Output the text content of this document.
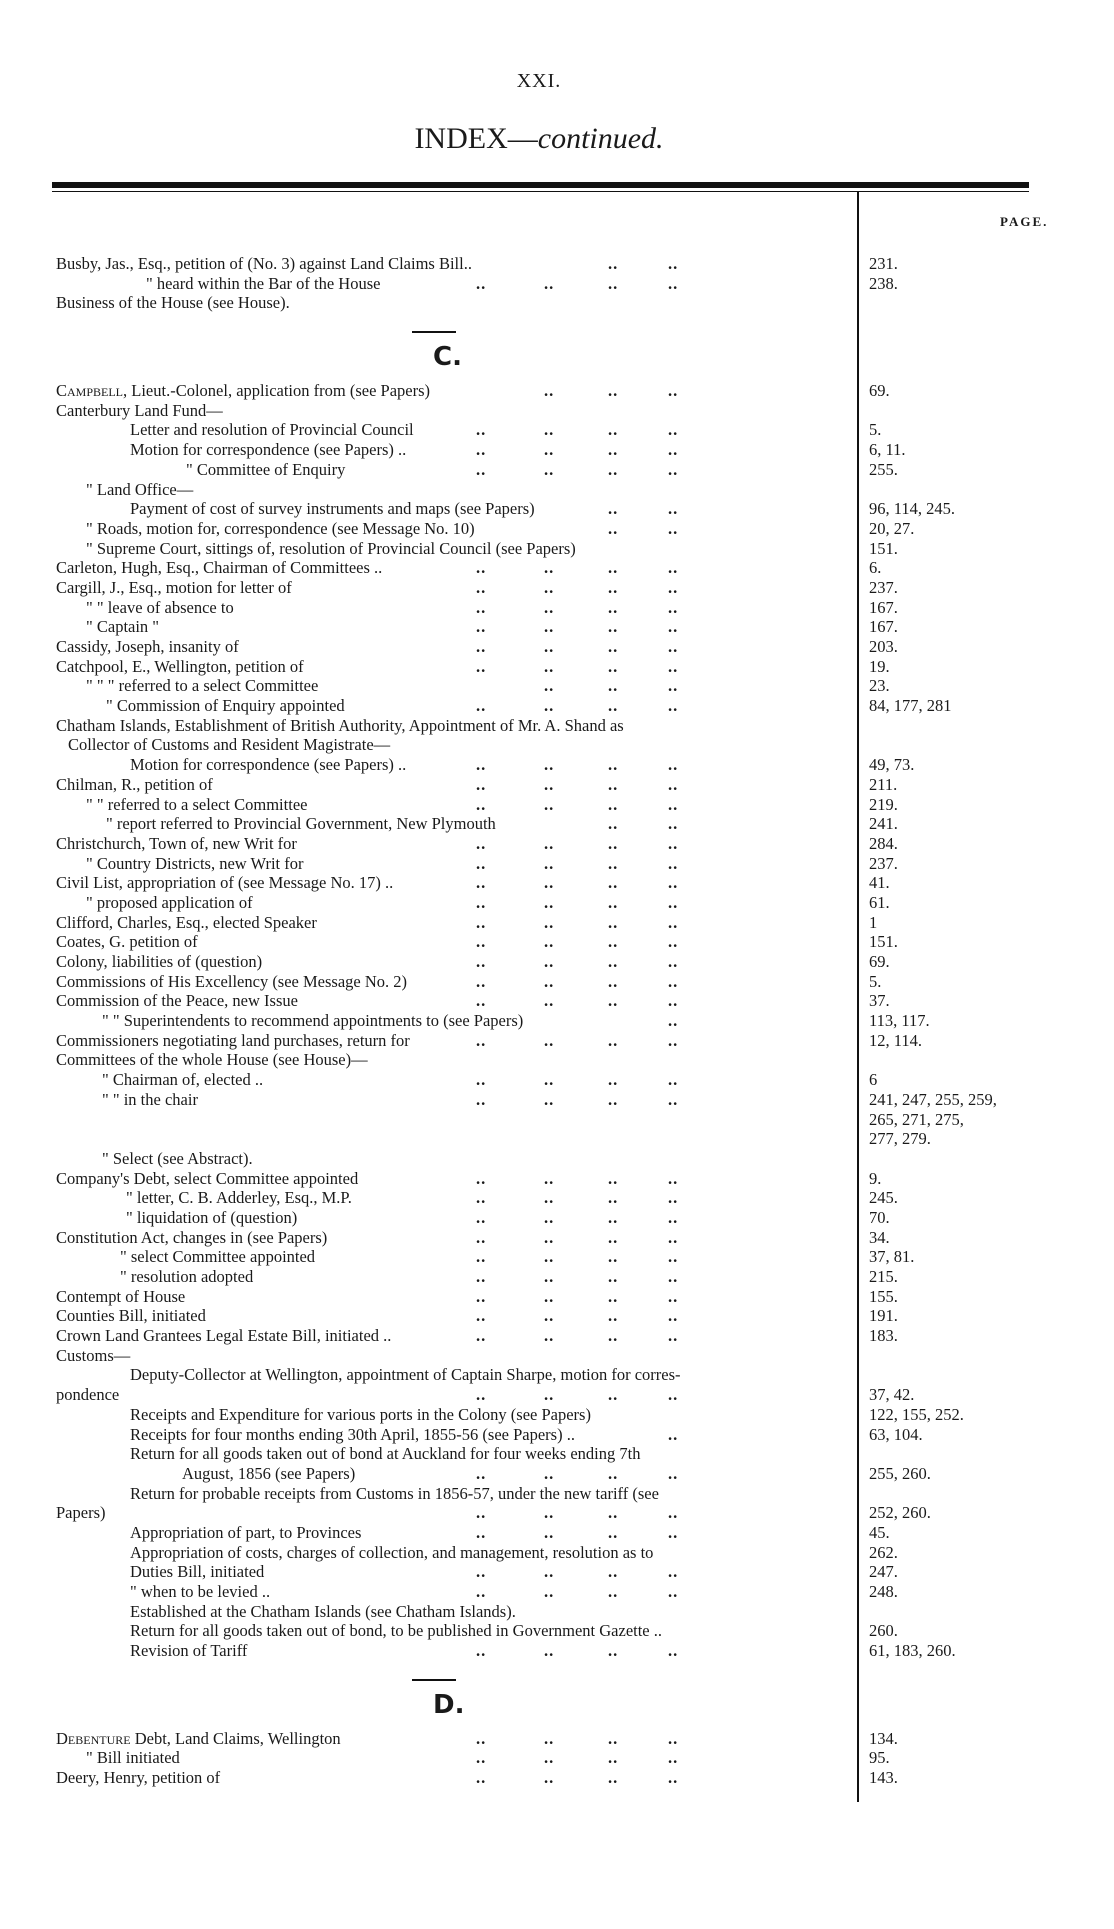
XXI.
INDEX—continued.
PAGE.
Busby, Jas., Esq., petition of (No. 3) against Land Claims Bill..	..	..	231.
" heard within the Bar of the House	..	..	..	..	238.
Business of the House (see House).
C.
Campbell, Lieut.-Colonel, application from (see Papers)	..	..	..	69.
Canterbury Land Fund—
Letter and resolution of Provincial Council	..	..	..	..	5.
Motion for correspondence (see Papers) ..	..	..	..	..	6, 11.
" Committee of Enquiry	..	..	..	..	255.
" Land Office—
Payment of cost of survey instruments and maps (see Papers)	..	..	96, 114, 245.
" Roads, motion for, correspondence (see Message No. 10)	..	..	20, 27.
" Supreme Court, sittings of, resolution of Provincial Council (see Papers)	151.
Carleton, Hugh, Esq., Chairman of Committees ..	..	..	..	..	6.
Cargill, J., Esq., motion for letter of	..	..	..	..	237.
" " leave of absence to	..	..	..	..	167.
" Captain "	..	..	..	..	167.
Cassidy, Joseph, insanity of	..	..	..	..	203.
Catchpool, E., Wellington, petition of	..	..	..	..	19.
" " " referred to a select Committee	..	..	..	23.
" Commission of Enquiry appointed	..	..	..	..	84, 177, 281
Chatham Islands, Establishment of British Authority, Appointment of Mr. A. Shand as
Collector of Customs and Resident Magistrate—
Motion for correspondence (see Papers) ..	..	..	..	..	49, 73.
Chilman, R., petition of	..	..	..	..	211.
" " referred to a select Committee	..	..	..	..	219.
" report referred to Provincial Government, New Plymouth	..	..	241.
Christchurch, Town of, new Writ for	..	..	..	..	284.
" Country Districts, new Writ for	..	..	..	..	237.
Civil List, appropriation of (see Message No. 17) ..	..	..	..	..	41.
" proposed application of	..	..	..	..	61.
Clifford, Charles, Esq., elected Speaker	..	..	..	..	1
Coates, G. petition of	..	..	..	..	151.
Colony, liabilities of (question)	..	..	..	..	69.
Commissions of His Excellency (see Message No. 2)	..	..	..	..	5.
Commission of the Peace, new Issue	..	..	..	..	37.
" " Superintendents to recommend appointments to (see Papers)	..	113, 117.
Commissioners negotiating land purchases, return for	..	..	..	..	12, 114.
Committees of the whole House (see House)—
" Chairman of, elected ..	..	..	..	..	6
" " in the chair	..	..	..	..	241, 247, 255, 259,
265, 271, 275,
277, 279.
" Select (see Abstract).
Company's Debt, select Committee appointed	..	..	..	..	9.
" letter, C. B. Adderley, Esq., M.P.	..	..	..	..	245.
" liquidation of (question)	..	..	..	..	70.
Constitution Act, changes in (see Papers)	..	..	..	..	34.
" select Committee appointed	..	..	..	..	37, 81.
" resolution adopted	..	..	..	..	215.
Contempt of House	..	..	..	..	155.
Counties Bill, initiated	..	..	..	..	191.
Crown Land Grantees Legal Estate Bill, initiated ..	..	..	..	..	183.
Customs—
Deputy-Collector at Wellington, appointment of Captain Sharpe, motion for corres-
pondence	..	..	..	..	37, 42.
Receipts and Expenditure for various ports in the Colony (see Papers)	122, 155, 252.
Receipts for four months ending 30th April, 1855-56 (see Papers) ..	..	63, 104.
Return for all goods taken out of bond at Auckland for four weeks ending 7th
August, 1856 (see Papers)	..	..	..	..	255, 260.
Return for probable receipts from Customs in 1856-57, under the new tariff (see
Papers)	..	..	..	..	252, 260.
Appropriation of part, to Provinces	..	..	..	..	45.
Appropriation of costs, charges of collection, and management, resolution as to	262.
Duties Bill, initiated	..	..	..	..	247.
" when to be levied ..	..	..	..	..	248.
Established at the Chatham Islands (see Chatham Islands).
Return for all goods taken out of bond, to be published in Government Gazette ..	260.
Revision of Tariff	..	..	..	..	61, 183, 260.
D.
Debenture Debt, Land Claims, Wellington	..	..	..	..	134.
" Bill initiated	..	..	..	..	95.
Deery, Henry, petition of	..	..	..	..	143.
